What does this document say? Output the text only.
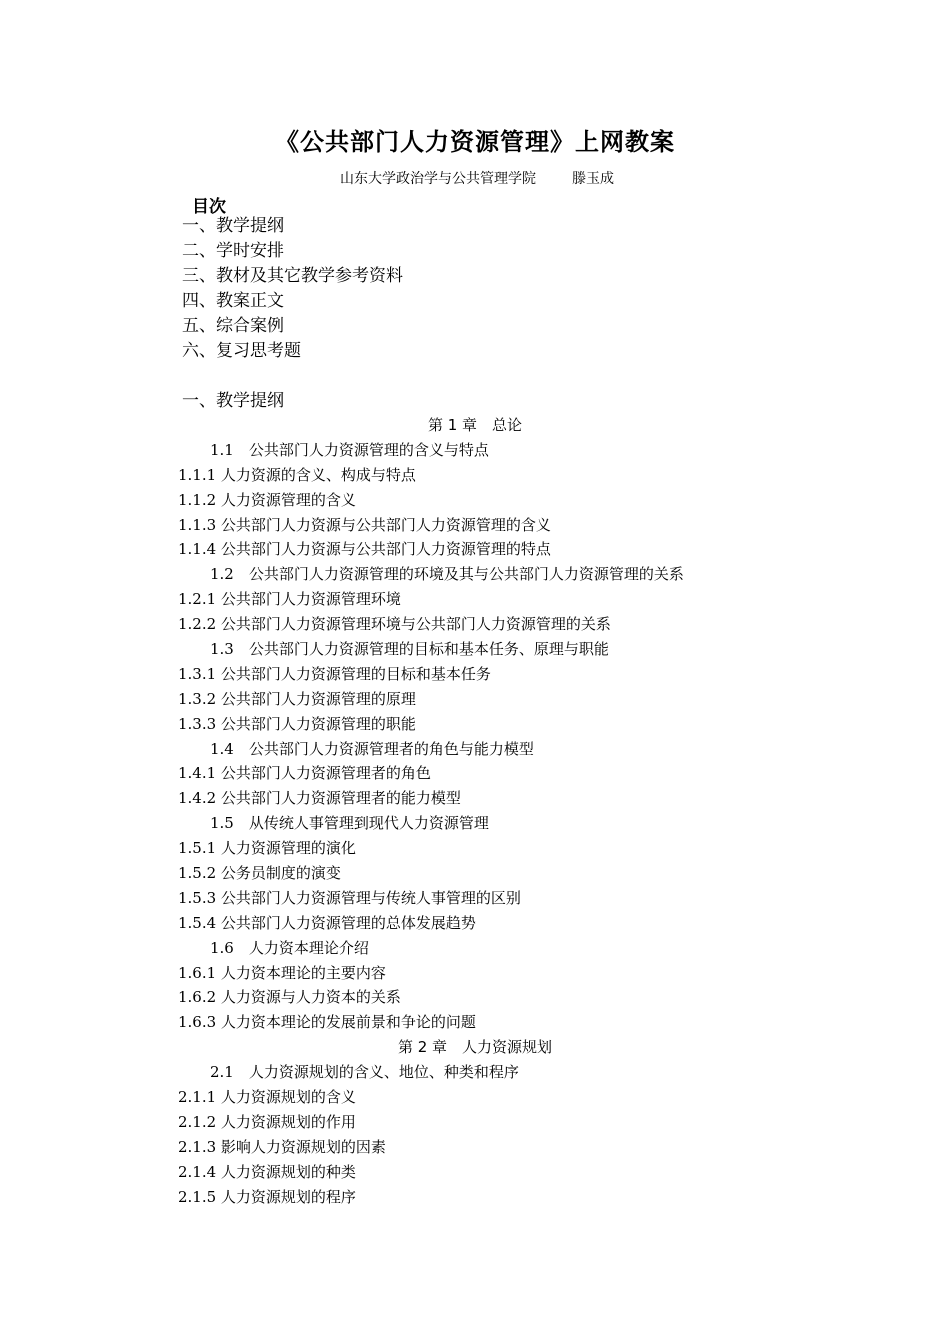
《公共部门人力资源管理》上网教案
山东大学政治学与公共管理学院	滕玉成
目次
一、教学提纲
二、学时安排
三、教材及其它教学参考资料
四、教案正文
五、综合案例
六、复习思考题
一、教学提纲
第 1 章　总论
1.1　公共部门人力资源管理的含义与特点
1.1.1 人力资源的含义、构成与特点
1.1.2 人力资源管理的含义
1.1.3 公共部门人力资源与公共部门人力资源管理的含义
1.1.4 公共部门人力资源与公共部门人力资源管理的特点
1.2　公共部门人力资源管理的环境及其与公共部门人力资源管理的关系
1.2.1 公共部门人力资源管理环境
1.2.2 公共部门人力资源管理环境与公共部门人力资源管理的关系
1.3　公共部门人力资源管理的目标和基本任务、原理与职能
1.3.1 公共部门人力资源管理的目标和基本任务
1.3.2 公共部门人力资源管理的原理
1.3.3 公共部门人力资源管理的职能
1.4　公共部门人力资源管理者的角色与能力模型
1.4.1 公共部门人力资源管理者的角色
1.4.2 公共部门人力资源管理者的能力模型
1.5　从传统人事管理到现代人力资源管理
1.5.1 人力资源管理的演化
1.5.2 公务员制度的演变
1.5.3 公共部门人力资源管理与传统人事管理的区别
1.5.4 公共部门人力资源管理的总体发展趋势
1.6　人力资本理论介绍
1.6.1 人力资本理论的主要内容
1.6.2 人力资源与人力资本的关系
1.6.3 人力资本理论的发展前景和争论的问题
第 2 章　人力资源规划
2.1　人力资源规划的含义、地位、种类和程序
2.1.1 人力资源规划的含义
2.1.2 人力资源规划的作用
2.1.3 影响人力资源规划的因素
2.1.4 人力资源规划的种类
2.1.5 人力资源规划的程序
